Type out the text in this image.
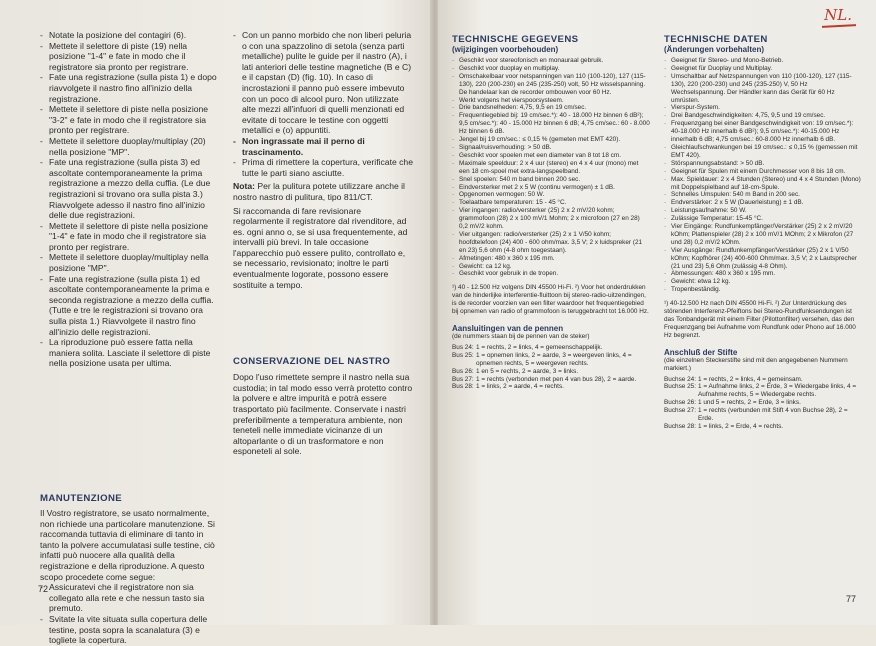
- Notate la posizione del contagiri (6).

- Mettete il selettore di piste (19) nella posizione "1-4" e fate in modo che il registratore sia pronto per registrare.

- Fate una registrazione (sulla pista 1) e dopo riavvolgete il nastro fino all'inizio della registrazione.

- Mettete il selettore di piste nella posizione "3-2" e fate in modo che il registratore sia pronto per registrare.

- Mettete il selettore duoplay/multiplay (20) nella posizione "MP".

- Fate una registrazione (sulla pista 3) ed ascoltate contemporaneamente la prima registrazione a mezzo della cuffia. (Le due registrazioni si trovano ora sulla pista 3.) Riavvolgete adesso il nastro fino all'inizio delle due registrazioni.

- Mettete il selettore di piste nella posizione "1-4" e fate in modo che il registratore sia pronto per registrare.

- Mettete il selettore duoplay/multiplay nella posizione "MP".

- Fate una registrazione (sulla pista 1) ed ascoltate contemporaneamente la prima e seconda registrazione a mezzo della cuffia. (Tutte e tre le registrazioni si trovano ora sulla pista 1.) Riavvolgete il nastro fino all'inizio delle registrazioni.

- La riproduzione può essere fatta nella maniera solita. Lasciate il selettore di piste nella posizione usata per ultima.

MANUTENZIONE

Il Vostro registratore, se usato normalmente, non richiede una particolare manutenzione. Si raccomanda tuttavia di eliminare di tanto in tanto la polvere accumulatasi sulle testine, ciò infatti può nuocere alla qualità della registrazione e della riproduzione. A questo scopo procedete come segue:

- Assicuratevi che il registratore non sia collegato alla rete e che nessun tasto sia premuto.

- Svitate la vite situata sulla copertura delle testine, posta sopra la scanalatura (3) e togliete la copertura.

- Con un panno morbido che non liberi peluria o con una spazzolino di setola (senza parti metalliche) pulite le guide per il nastro (A), i lati anteriori delle testine magnetiche (B e C) e il capstan (D) (fig. 10). In caso di incrostazioni il panno può essere imbevuto con un poco di alcool puro. Non utilizzate alte mezzi all'infuori di quelli menzionati ed evitate di toccare le testine con oggetti metallici e (o) appuntiti.

- Non ingrassate mai il perno di trascinamento.

- Prima di rimettere la copertura, verificate che tutte le parti siano asciutte.

Nota: Per la pulitura potete utilizzare anche il nostro nastro di pulitura, tipo 811/CT.

Si raccomanda di fare revisionare regolarmente il registratore dal rivenditore, ad es. ogni anno o, se si usa frequentemente, ad intervalli più brevi. In tale occasione l'apparecchio può essere pulito, controllato e, se necessario, revisionato; inoltre le parti eventualmente logorate, possono essere sostituite a tempo.

CONSERVAZIONE DEL NASTRO

Dopo l'uso rimettete sempre il nastro nella sua custodia; in tal modo esso verrà protetto contro la polvere e altre impurità e potrà essere trasportato più facilmente. Conservate i nastri preferibilmente a temperatura ambiente, non teneteli nelle immediate vicinanze di un altoparlante o di un trasformatore e non esponeteli al sole.

72
NL.

TECHNISCHE GEGEVENS

(wijzigingen voorbehouden)

· Geschikt voor stereofonisch en monauraal gebruik.

· Geschikt voor duoplay en multiplay.

· Omschakelbaar voor netspanningen van 110 (100-120), 127 (115-130), 220 (200-230) en 245 (235-250) volt, 50 Hz wisselspanning. De handelaar kan de recorder ombouwen voor 60 Hz.

· Werkt volgens het vierspoorsysteem.

· Drie bandsnelheden: 4,75, 9,5 en 19 cm/sec.

· Frequentiegebied bij: 19 cm/sec.*): 40 - 18.000 Hz binnen 6 dB²); 9,5 cm/sec.*): 40 - 15.000 Hz binnen 6 dB; 4,75 cm/sec.: 60 - 8.000 Hz binnen 6 dB.

· Jengel bij 19 cm/sec.: ≤ 0,15 % (gemeten met EMT 420).

· Signaal/ruisverhouding: > 50 dB.

· Geschikt voor spoelen met een diameter van 8 tot 18 cm.

· Maximale speelduur: 2 x 4 uur (stereo) en 4 x 4 uur (mono) met een 18 cm-spoel met extra-langspeelband.

· Snel spoelen: 540 m band binnen 200 sec.

· Eindversterker met 2 x 5 W (continu vermogen) ± 1 dB.

· Opgenomen vermogen: 50 W.

· Toelaatbare temperaturen: 15 - 45 °C.

· Vier ingangen: radio/versterker (25) 2 x 2 mV/20 kohm; grammofoon (28) 2 x 100 mV/1 Mohm; 2 x microfoon (27 en 28) 0,2 mV/2 kohm.

· Vier uitgangen: radio/versterker (25) 2 x 1 V/50 kohm; hoofdtelefoon (24) 400 - 600 ohm/max. 3,5 V; 2 x luidspreker (21 en 23) 5,6 ohm (4-8 ohm toegestaan).

· Afmetingen: 480 x 360 x 195 mm.

· Gewicht: ca 12 kg.

· Geschikt voor gebruik in de tropen.

¹) 40 - 12.500 Hz volgens DIN 45500 Hi-Fi. ²) Voor het onderdrukken van de hinderlijke interferentie-fluittoon bij stereo-radio-uitzendingen, is de recorder voorzien van een filter waardoor het frequentiegebied bij opnemen van radio of grammofoon is teruggebracht tot 16.000 Hz.

Aansluitingen van de pennen

(de nummers staan bij de pennen van de steker)

Bus 24: 1 = rechts, 2 = links, 4 = gemeenschappelijk.
Bus 25: 1 = opnemen links, 2 = aarde, 3 = weergeven links, 4 = opnemen rechts, 5 = weergeven rechts.
Bus 26: 1 en 5 = rechts, 2 = aarde, 3 = links.
Bus 27: 1 = rechts (verbonden met pen 4 van bus 28), 2 = aarde.
Bus 28: 1 = links, 2 = aarde, 4 = rechts.

TECHNISCHE DATEN

(Änderungen vorbehalten)

· Geeignet für Stereo- und Mono-Betrieb.

· Geeignet für Duoplay und Multiplay.

· Umschaltbar auf Netzspannungen von 110 (100-120), 127 (115-130), 220 (200-230) und 245 (235-250) V, 50 Hz Wechselspannung. Der Händler kann das Gerät für 60 Hz umrüsten.

· Vierspur-System.

· Drei Bandgeschwindigkeiten: 4,75, 9,5 und 19 cm/sec.

· Frequenzgang bei einer Bandgeschwindigkeit von: 19 cm/sec.*): 40-18.000 Hz innerhalb 6 dB²); 9,5 cm/sec.*): 40-15.000 Hz innerhalb 6 dB; 4,75 cm/sec.: 60-8.000 Hz innerhalb 6 dB.

· Gleichlaufschwankungen bei 19 cm/sec.: ≤ 0,15 % (gemessen mit EMT 420).

· Störspannungsabstand: > 50 dB.

· Geeignet für Spulen mit einem Durchmesser von 8 bis 18 cm.

· Max. Spieldauer: 2 x 4 Stunden (Stereo) und 4 x 4 Stunden (Mono) mit Doppelspielband auf 18-cm-Spule.

· Schnelles Umspulen: 540 m Band in 200 sec.

· Endverstärker: 2 x 5 W (Dauerleistung) ± 1 dB.

· Leistungsaufnahme: 50 W.

· Zulässige Temperatur: 15-45 °C.

· Vier Eingänge: Rundfunkempfänger/Verstärker (25) 2 x 2 mV/20 kOhm; Plattenspieler (28) 2 x 100 mV/1 MOhm; 2 x Mikrofon (27 und 28) 0,2 mV/2 kOhm.

· Vier Ausgänge: Rundfunkempfänger/Verstärker (25) 2 x 1 V/50 kOhm; Kopfhörer (24) 400-600 Ohm/max. 3,5 V; 2 x Lautsprecher (21 und 23) 5,6 Ohm (zulässig 4-8 Ohm).

· Abmessungen: 480 x 360 x 195 mm.

· Gewicht: etwa 12 kg.

· Tropenbeständig.

¹) 40-12.500 Hz nach DIN 45500 Hi-Fi. ²) Zur Unterdrückung des störenden Interferenz-Pfeiftons bei Stereo-Rundfunksendungen ist das Tonbandgerät mit einem Filter (Pilottonfilter) versehen, das den Frequenzgang bei Aufnahme vom Rundfunk oder Phono auf 16.000 Hz begrenzt.

Anschluß der Stifte

(die einzelnen Steckerstifte sind mit den angegebenen Nummern markiert.)

Buchse 24: 1 = rechts, 2 = links, 4 = gemeinsam.
Buchse 25: 1 = Aufnahme links, 2 = Erde, 3 = Wiedergabe links, 4 = Aufnahme rechts, 5 = Wiedergabe rechts.
Buchse 26: 1 und 5 = rechts, 2 = Erde, 3 = links.
Buchse 27: 1 = rechts (verbunden mit Stift 4 von Buchse 28), 2 = Erde.
Buchse 28: 1 = links, 2 = Erde, 4 = rechts.
77
